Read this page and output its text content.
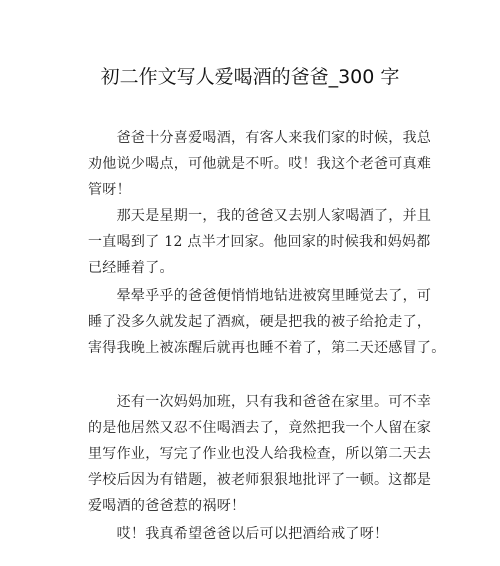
初二作文写人爱喝酒的爸爸_300 字
　　爸爸十分喜爱喝酒，有客人来我们家的时候，我总
劝他说少喝点，可他就是不听。哎！我这个老爸可真难
管呀！
　　那天是星期一，我的爸爸又去别人家喝酒了，并且
一直喝到了 12 点半才回家。他回家的时候我和妈妈都
已经睡着了。
　　晕晕乎乎的爸爸便悄悄地钻进被窝里睡觉去了，可
睡了没多久就发起了酒疯，硬是把我的被子给抢走了，
害得我晚上被冻醒后就再也睡不着了，第二天还感冒了。
　　还有一次妈妈加班，只有我和爸爸在家里。可不幸
的是他居然又忍不住喝酒去了，竟然把我一个人留在家
里写作业，写完了作业也没人给我检查，所以第二天去
学校后因为有错题，被老师狠狠地批评了一顿。这都是
爱喝酒的爸爸惹的祸呀！
　　哎！我真希望爸爸以后可以把酒给戒了呀！
